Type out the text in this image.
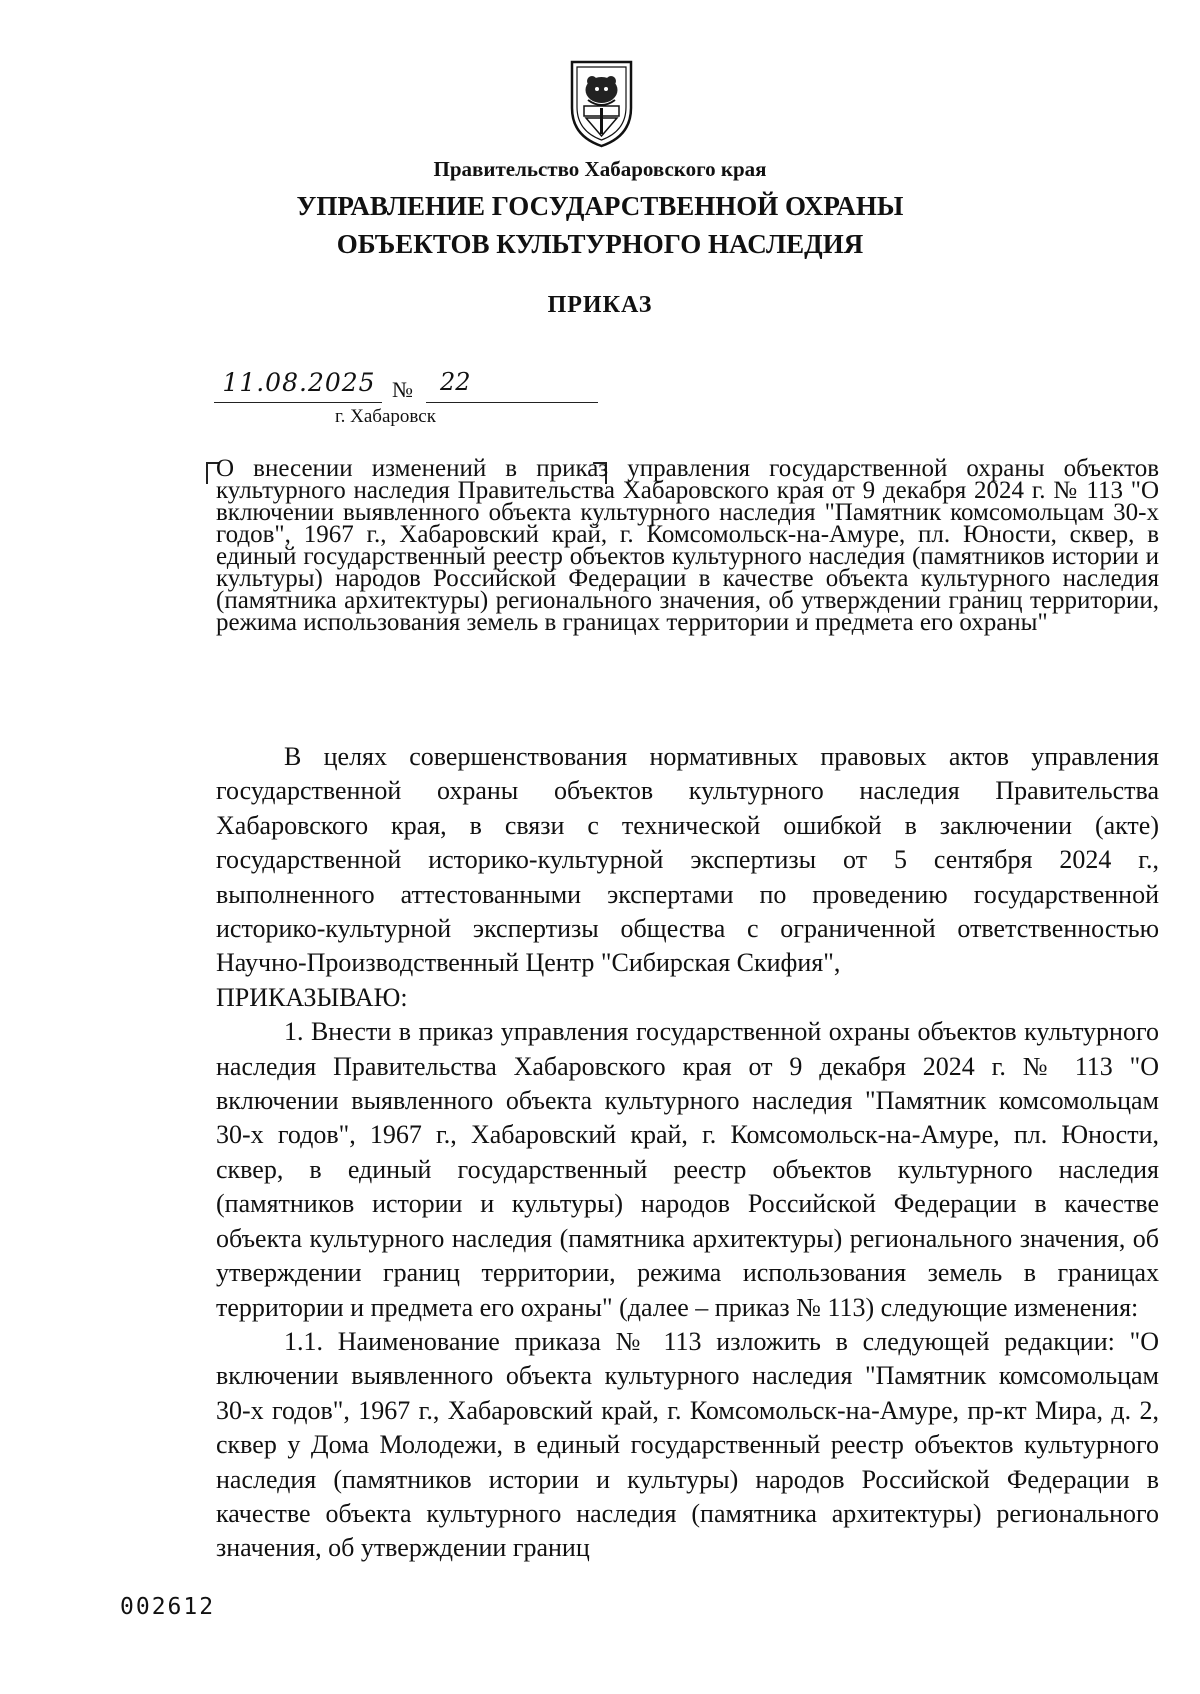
Правительство Хабаровского края
УПРАВЛЕНИЕ ГОСУДАРСТВЕННОЙ ОХРАНЫ
ОБЪЕКТОВ КУЛЬТУРНОГО НАСЛЕДИЯ
ПРИКАЗ
11.08.2025 №	22
г. Хабаровск
О внесении изменений в приказ управления государственной охраны объектов культурного наследия Правительства Хабаровского края от 9 декабря 2024 г. № 113 "О включении выявленного объекта культурного наследия "Памятник комсомольцам 30-х годов", 1967 г., Хабаровский край, г. Комсомольск-на-Амуре, пл. Юности, сквер, в единый государственный реестр объектов культурного наследия (памятников истории и культуры) народов Российской Федерации в качестве объекта культурного наследия (памятника архитектуры) регионального значения, об утверждении границ территории, режима использования земель в границах территории и предмета его охраны"

В целях совершенствования нормативных правовых актов управления государственной охраны объектов культурного наследия Правительства Хабаровского края, в связи с технической ошибкой в заключении (акте) государственной историко-культурной экспертизы от 5 сентября 2024 г., выполненного аттестованными экспертами по проведению государственной историко-культурной экспертизы общества с ограниченной ответственностью Научно-Производственный Центр "Сибирская Скифия",

ПРИКАЗЫВАЮ:

1. Внести в приказ управления государственной охраны объектов культурного наследия Правительства Хабаровского края от 9 декабря 2024 г. № 113 "О включении выявленного объекта культурного наследия "Памятник комсомольцам 30-х годов", 1967 г., Хабаровский край, г. Комсомольск-на-Амуре, пл. Юности, сквер, в единый государственный реестр объектов культурного наследия (памятников истории и культуры) народов Российской Федерации в качестве объекта культурного наследия (памятника архитектуры) регионального значения, об утверждении границ территории, режима использования земель в границах территории и предмета его охраны" (далее – приказ № 113) следующие изменения:

1.1. Наименование приказа № 113 изложить в следующей редакции: "О включении выявленного объекта культурного наследия "Памятник комсомольцам 30-х годов", 1967 г., Хабаровский край, г. Комсомольск-на-Амуре, пр-кт Мира, д. 2, сквер у Дома Молодежи, в единый государственный реестр объектов культурного наследия (памятников истории и культуры) народов Российской Федерации в качестве объекта культурного наследия (памятника архитектуры) регионального значения, об утверждении границ

002612
